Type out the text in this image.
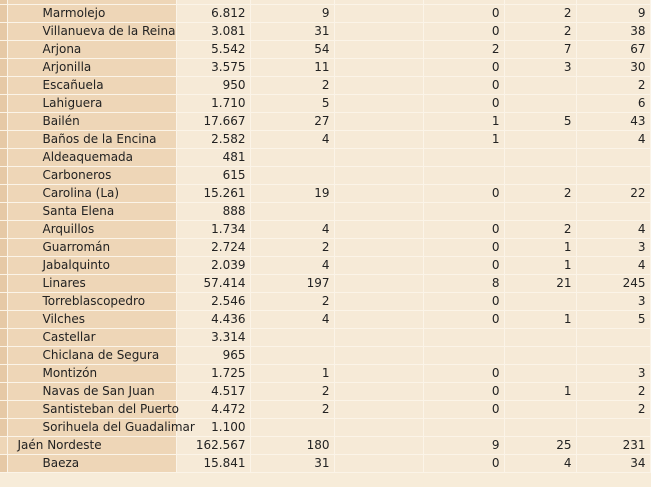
	Marmolejo	6.812	9		0	2	9
	Villanueva de la Reina	3.081	31		0	2	38
	Arjona	5.542	54		2	7	67
	Arjonilla	3.575	11		0	3	30
	Escañuela	950	2		0		2
	Lahiguera	1.710	5		0		6
	Bailén	17.667	27		1	5	43
	Baños de la Encina	2.582	4		1		4
	Aldeaquemada	481					
	Carboneros	615					
	Carolina (La)	15.261	19		0	2	22
	Santa Elena	888					
	Arquillos	1.734	4		0	2	4
	Guarromán	2.724	2		0	1	3
	Jabalquinto	2.039	4		0	1	4
	Linares	57.414	197		8	21	245
	Torreblascopedro	2.546	2		0		3
	Vilches	4.436	4		0	1	5
	Castellar	3.314					
	Chiclana de Segura	965					
	Montizón	1.725	1		0		3
	Navas de San Juan	4.517	2		0	1	2
	Santisteban del Puerto	4.472	2		0		2
	Sorihuela del Guadalimar	1.100					
	Jaén Nordeste	162.567	180		9	25	231
	Baeza	15.841	31		0	4	34
